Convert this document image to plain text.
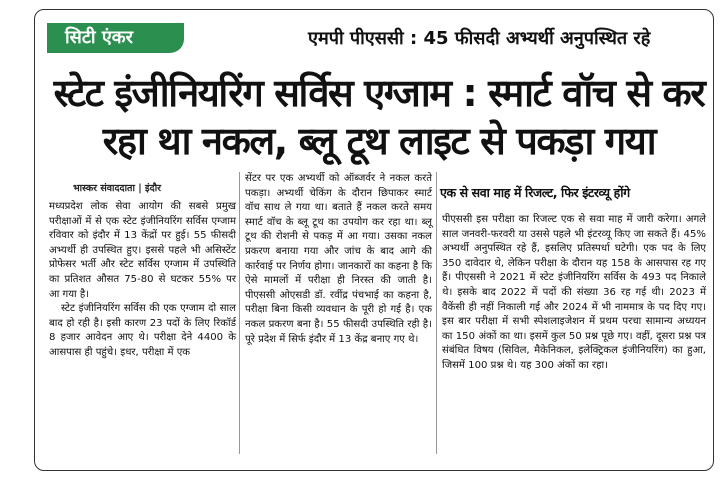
सिटी एंकर	एमपी पीएससी : 45 फीसदी अभ्यर्थी अनुपस्थित रहे
स्टेट इंजीनियरिंग सर्विस एग्जाम : स्मार्ट वॉच से कर रहा था नकल, ब्लू टूथ लाइट से पकड़ा गया
भास्कर संवाददाता | इंदौर

मध्यप्रदेश लोक सेवा आयोग की सबसे प्रमुख परीक्षाओं में से एक स्टेट इंजीनियरिंग सर्विस एग्जाम रविवार को इंदौर में 13 केंद्रों पर हुई। 55 फीसदी अभ्यर्थी ही उपस्थित हुए। इससे पहले भी असिस्टेंट प्रोफेसर भर्ती और स्टेट सर्विस एग्जाम में उपस्थिति का प्रतिशत औसत 75-80 से घटकर 55% पर आ गया है।

स्टेट इंजीनियरिंग सर्विस की एक एग्जाम दो साल बाद हो रही है। इसी कारण 23 पदों के लिए रिकॉर्ड 8 हजार आवेदन आए थे। परीक्षा देने 4400 के आसपास ही पहुंचे। इधर, परीक्षा में एक

सेंटर पर एक अभ्यर्थी को ऑब्जर्वर ने नकल करते पकड़ा। अभ्यर्थी चेकिंग के दौरान छिपाकर स्मार्ट वॉच साथ ले गया था। बताते हैं नकल करते समय स्मार्ट वॉच के ब्लू टूथ का उपयोग कर रहा था। ब्लू टूथ की रोशनी से पकड़ में आ गया। उसका नकल प्रकरण बनाया गया और जांच के बाद आगे की कार्रवाई पर निर्णय होगा। जानकारों का कहना है कि ऐसे मामलों में परीक्षा ही निरस्त की जाती है। पीएससी ओएसडी डॉ. रवींद्र पंचभाई का कहना है, परीक्षा बिना किसी व्यवधान के पूरी हो गई है। एक नकल प्रकरण बना है। 55 फीसदी उपस्थिति रही है। पूरे प्रदेश में सिर्फ इंदौर में 13 केंद्र बनाए गए थे।

एक से सवा माह में रिजल्ट, फिर इंटरव्यू होंगे

पीएससी इस परीक्षा का रिजल्ट एक से सवा माह में जारी करेगा। अगले साल जनवरी-फरवरी या उससे पहले भी इंटरव्यू किए जा सकते हैं। 45% अभ्यर्थी अनुपस्थित रहे हैं, इसलिए प्रतिस्पर्धा घटेगी। एक पद के लिए 350 दावेदार थे, लेकिन परीक्षा के दौरान यह 158 के आसपास रह गए हैं। पीएससी ने 2021 में स्टेट इंजीनियरिंग सर्विस के 493 पद निकाले थे। इसके बाद 2022 में पदों की संख्या 36 रह गई थी। 2023 में वैकेंसी ही नहीं निकाली गई और 2024 में भी नाममात्र के पद दिए गए। इस बार परीक्षा में सभी स्पेशलाइजेशन में प्रथम परचा सामान्य अध्ययन का 150 अंकों का था। इसमें कुल 50 प्रश्न पूछे गए। वहीं, दूसरा प्रश्न पत्र संबंधित विषय (सिविल, मैकेनिकल, इलेक्ट्रिकल इंजीनियरिंग) का हुआ, जिसमें 100 प्रश्न थे। यह 300 अंकों का रहा।
